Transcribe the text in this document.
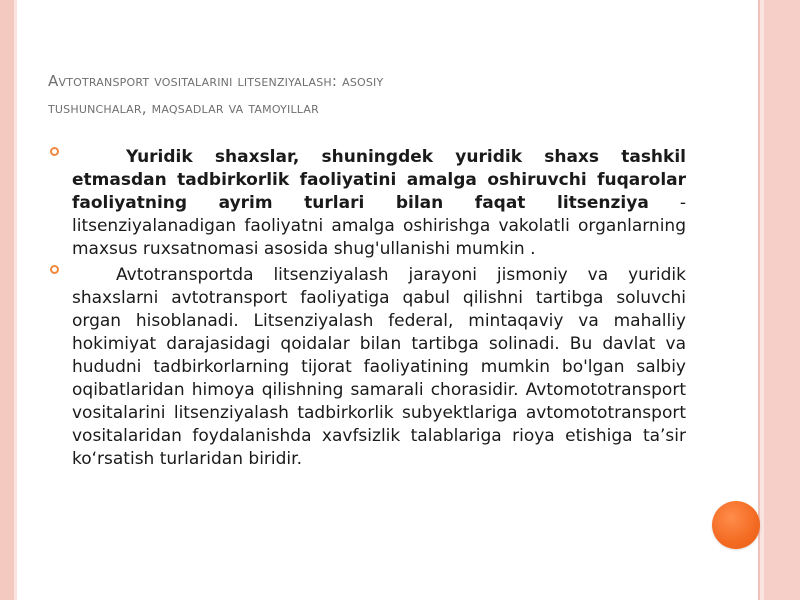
Avtotransport vositalarini litsenziyalash: asosiy
tushunchalar, maqsadlar va tamoyillar

Yuridik shaxslar, shuningdek yuridik shaxs tashkil etmasdan tadbirkorlik faoliyatini amalga oshiruvchi fuqarolar faoliyatning ayrim turlari bilan faqat litsenziya - litsenziyalanadigan faoliyatni amalga oshirishga vakolatli organlarning maxsus ruxsatnomasi asosida shug'ullanishi mumkin .

Avtotransportda litsenziyalash jarayoni jismoniy va yuridik shaxslarni avtotransport faoliyatiga qabul qilishni tartibga soluvchi organ hisoblanadi. Litsenziyalash federal, mintaqaviy va mahalliy hokimiyat darajasidagi qoidalar bilan tartibga solinadi. Bu davlat va hududni tadbirkorlarning tijorat faoliyatining mumkin bo'lgan salbiy oqibatlaridan himoya qilishning samarali chorasidir. Avtomototransport vositalarini litsenziyalash tadbirkorlik subyektlariga avtomototransport vositalaridan foydalanishda xavfsizlik talablariga rioya etishiga ta’sir ko‘rsatish turlaridan biridir.
